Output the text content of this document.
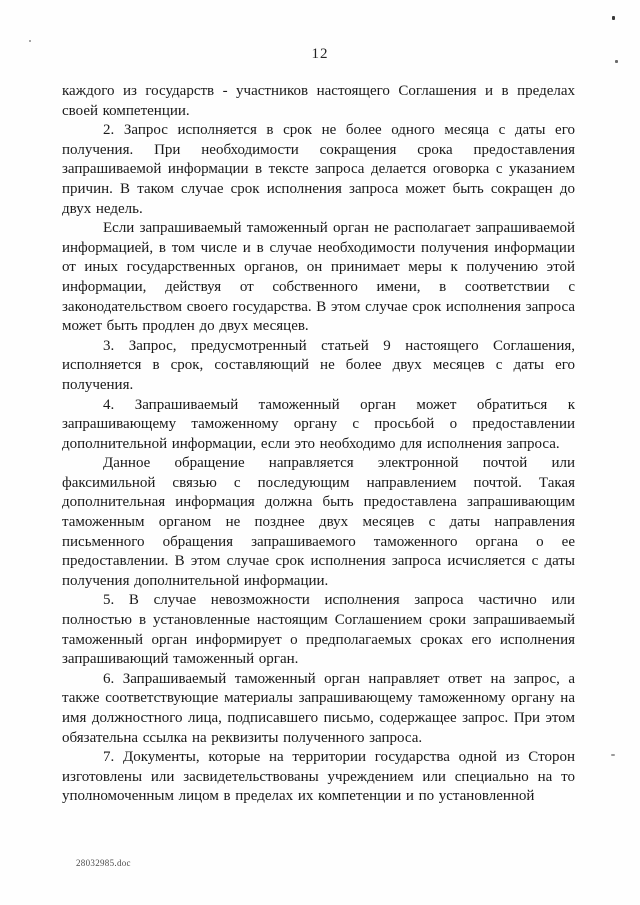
12

каждого из государств - участников настоящего Соглашения и в пределах своей компетенции.

2. Запрос исполняется в срок не более одного месяца с даты его получения. При необходимости сокращения срока предоставления запрашиваемой информации в тексте запроса делается оговорка с указанием причин. В таком случае срок исполнения запроса может быть сокращен до двух недель.

Если запрашиваемый таможенный орган не располагает запрашиваемой информацией, в том числе и в случае необходимости получения информации от иных государственных органов, он принимает меры к получению этой информации, действуя от собственного имени, в соответствии с законодательством своего государства. В этом случае срок исполнения запроса может быть продлен до двух месяцев.

3. Запрос, предусмотренный статьей 9 настоящего Соглашения, исполняется в срок, составляющий не более двух месяцев с даты его получения.

4. Запрашиваемый таможенный орган может обратиться к запрашивающему таможенному органу с просьбой о предоставлении дополнительной информации, если это необходимо для исполнения запроса.

Данное обращение направляется электронной почтой или факсимильной связью с последующим направлением почтой. Такая дополнительная информация должна быть предоставлена запрашивающим таможенным органом не позднее двух месяцев с даты направления письменного обращения запрашиваемого таможенного органа о ее предоставлении. В этом случае срок исполнения запроса исчисляется с даты получения дополнительной информации.

5. В случае невозможности исполнения запроса частично или полностью в установленные настоящим Соглашением сроки запрашиваемый таможенный орган информирует о предполагаемых сроках его исполнения запрашивающий таможенный орган.

6. Запрашиваемый таможенный орган направляет ответ на запрос, а также соответствующие материалы запрашивающему таможенному органу на имя должностного лица, подписавшего письмо, содержащее запрос. При этом обязательна ссылка на реквизиты полученного запроса.

7. Документы, которые на территории государства одной из Сторон изготовлены или засвидетельствованы учреждением или специально на то уполномоченным лицом в пределах их компетенции и по установленной

28032985.doc
